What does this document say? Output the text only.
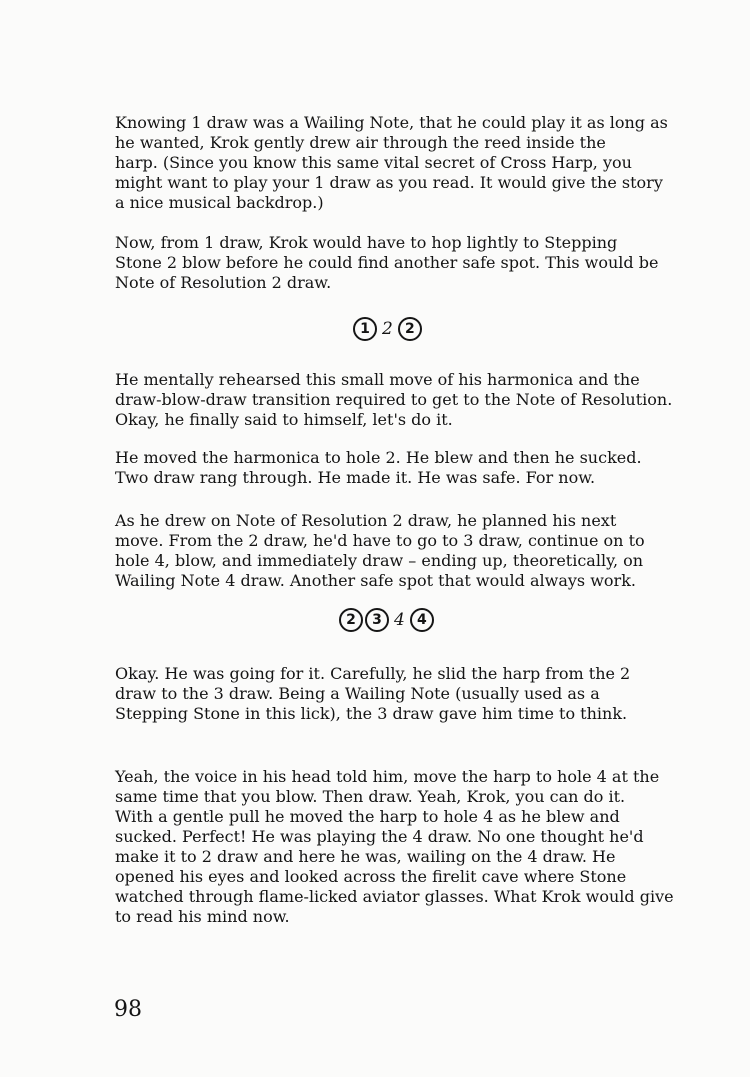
Knowing 1 draw was a Wailing Note, that he could play it as long as
he wanted, Krok gently drew air through the reed inside the
harp. (Since you know this same vital secret of Cross Harp, you
might want to play your 1 draw as you read. It would give the story
a nice musical backdrop.)

Now, from 1 draw, Krok would have to hop lightly to Stepping
Stone 2 blow before he could find another safe spot. This would be
Note of Resolution 2 draw.

1 2 2

He mentally rehearsed this small move of his harmonica and the
draw-blow-draw transition required to get to the Note of Resolution.
Okay, he finally said to himself, let's do it.

He moved the harmonica to hole 2. He blew and then he sucked.
Two draw rang through. He made it. He was safe. For now.

As he drew on Note of Resolution 2 draw, he planned his next
move. From the 2 draw, he'd have to go to 3 draw, continue on to
hole 4, blow, and immediately draw – ending up, theoretically, on
Wailing Note 4 draw. Another safe spot that would always work.

2	3 4 4

Okay. He was going for it. Carefully, he slid the harp from the 2
draw to the 3 draw. Being a Wailing Note (usually used as a
Stepping Stone in this lick), the 3 draw gave him time to think.

Yeah, the voice in his head told him, move the harp to hole 4 at the
same time that you blow. Then draw. Yeah, Krok, you can do it.
With a gentle pull he moved the harp to hole 4 as he blew and
sucked. Perfect! He was playing the 4 draw. No one thought he'd
make it to 2 draw and here he was, wailing on the 4 draw. He
opened his eyes and looked across the firelit cave where Stone
watched through flame-licked aviator glasses. What Krok would give
to read his mind now.

98
